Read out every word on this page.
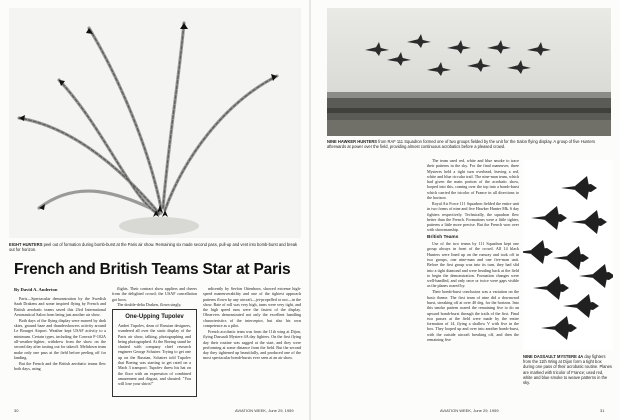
EIGHT HUNTERS peel out of formation during bomb-burst at the Paris air show. Remaining six made second pass, pull-up and vent into bomb-burst and break out for horizon.
French and British Teams Star at Paris
By David A. Anderton

Paris—Spectacular demonstration by the Swedish Saab Drakens and some inspired flying by French and British aerobatic teams saved this 23rd International Aeronautical Salon from being just another air show.

Both days of the flying display were marred by dark skies, ground haze and thundershowers activity around Le Bourget Airport. Weather kept USAF activity to a minimum. Certain types, including the Convair F-102A all-weather-fighter, withdrew from the show on the second day after taxiing out for takeoff. Meltdown team make only one pass at the field before peeling off for landing.

But the French and the British aerobatic teams flew both days, using

flights. Their contract show appliers and cheers from the delighted crowd; the USAF cancellation got boos.

The double-delta Draken, flown singly,

One-Upping Tupolev

Andrei Tupolev, dean of Russian designers, wandered all over the static display of the Paris air show, talking, photographing and being photographed. At the Boeing stand he chatted with company chief research engineer George Schairer. Trying to get one up on the Russian, Schairer told Tupolev that Boeing was starting to get rated on a Mach 3 transport. Tupolev threw his hat on the floor with an expression of combined amazement and disgust, and shouted: "You will lose your shirts!"

ndicently by Sevfon Ottenborn, showed extreme high-speed maneuverability and one of the tightest approach patterns flown by any aircraft—jet-propelled or not—in the show. Rate of roll was very high, turns were very tight, and the high speed runs were the fastest of the display. Observers demonstrated not only the excellent handling characteristics of the interceptor, but also his own competence as a pilot.

French acrobatic team was from the 11th wing at Dijon, flying Dassault Mystere 4A day fighters. On the first flying day their routine was sagged at the start, and they were performing at some distance from the field. But the second day they tightened up beautifully, and produced one of the most spectacular bomb-bursts ever seen at an air show.

30	AVIATION WEEK, June 29, 1959
NINE HAWKER HUNTERS from RAF 111 Squadron formed one of two groups fielded by the unit for the Salon flying display. A group of five Hunters afterwards at power over the field, providing almost continuous acrobatics before a pleased crowd.

The team used red, white and blue smoke to trace their patterns in the sky. For the final maneuver, three Mysteres held a tight turn overhead, leaving a red, white and blue circular trail. The nine-man team, which had given the main portion of the acrobatic show, looped into this, coming over the top into a bomb-burst which carried the tricolor of France in all directions to the horizon.

Royal Air Force 111 Squadron fielded the entire unit in two forms of nine and five Hawker Hunter Mk. 6 day fighters respectively. Technically, the squadron flew better than the French. Formations were a little tighter, patterns a little more precise. But the French won over with showmanship.

British Teams

Use of the two teams by 111 Squadron kept one group always in front of the crowd. All 14 black Hunters were lined up on the runway and took off in two groups, one nine-man and one five-man unit. Before the first group was into its turn, they had slid into a tight diamond and were heading back at the field to begin the demonstration. Formation changes were well-handled, and only once or twice were gaps visible as the planes roared by.

Their bomb-burst conclusion was a variation on the basic theme. The first team of nine did a downward burst, streaking off at over 40 deg. for the horizon. Into this smoke pattern roared the remaining five to do an upward bomb-burst through the trails of the first. Final two passes at the field were made by the entire formation of 14, flying a shallow V with five in the box. They looped up and over into another bomb-burst, with the outside aircraft breaking off, and then the remaining five

NINE DASSAULT MYSTERE 4A day fighters from the 11th Wing at Dijon form a tight box during one pass of their acrobatic routine. Planes are marked with tricolor of France; used red, white and blue smoke to weave patterns in the sky.
AVIATION WEEK, June 29, 1959	31
